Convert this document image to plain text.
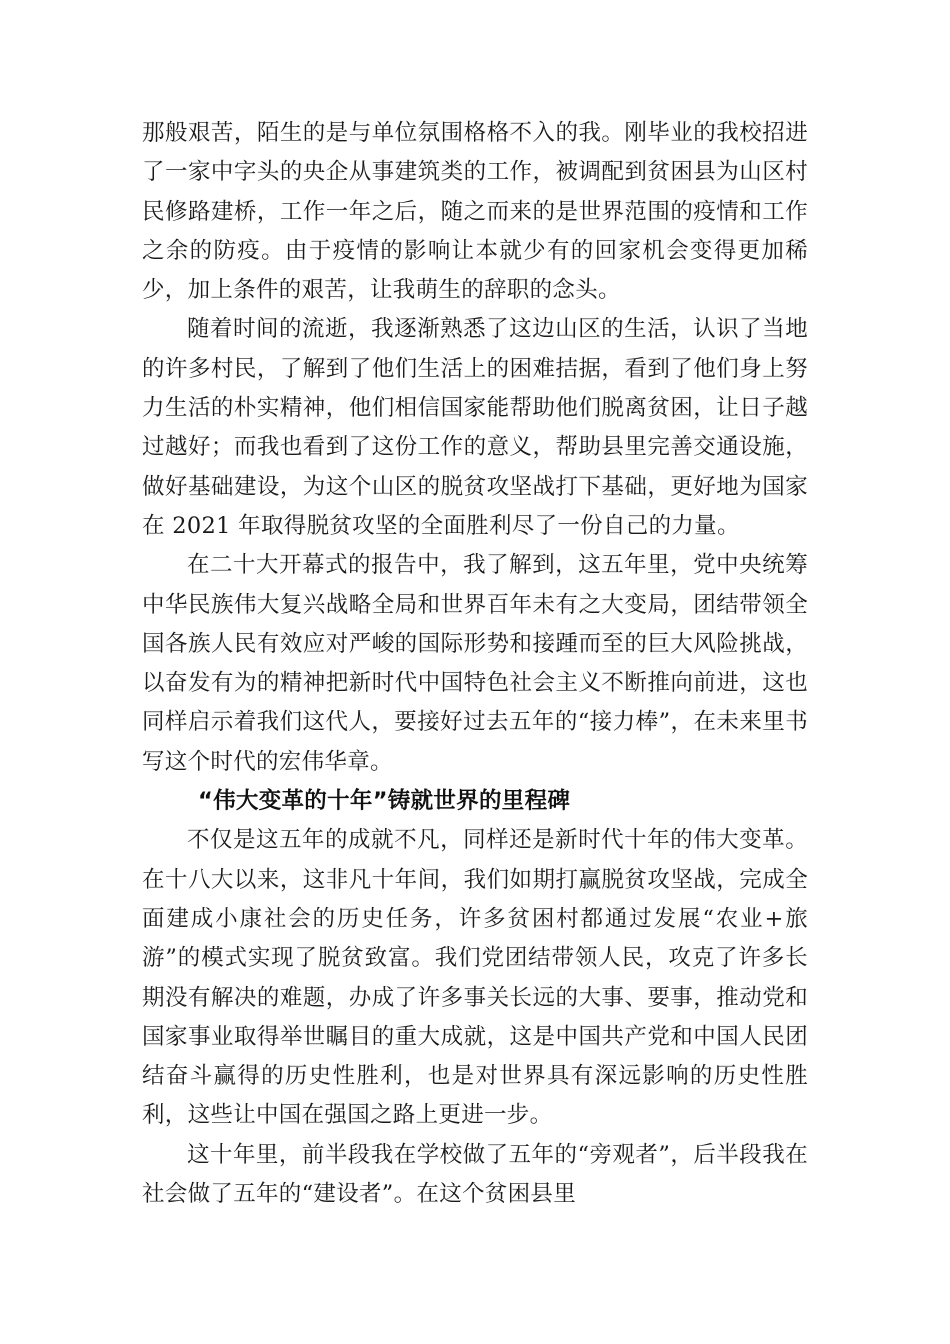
那般艰苦，陌生的是与单位氛围格格不入的我。刚毕业的我校招进了一家中字头的央企从事建筑类的工作，被调配到贫困县为山区村民修路建桥，工作一年之后，随之而来的是世界范围的疫情和工作之余的防疫。由于疫情的影响让本就少有的回家机会变得更加稀少，加上条件的艰苦，让我萌生的辞职的念头。

随着时间的流逝，我逐渐熟悉了这边山区的生活，认识了当地的许多村民，了解到了他们生活上的困难拮据，看到了他们身上努力生活的朴实精神，他们相信国家能帮助他们脱离贫困，让日子越过越好；而我也看到了这份工作的意义，帮助县里完善交通设施，做好基础建设，为这个山区的脱贫攻坚战打下基础，更好地为国家在 2021 年取得脱贫攻坚的全面胜利尽了一份自己的力量。

在二十大开幕式的报告中，我了解到，这五年里，党中央统筹中华民族伟大复兴战略全局和世界百年未有之大变局，团结带领全国各族人民有效应对严峻的国际形势和接踵而至的巨大风险挑战，以奋发有为的精神把新时代中国特色社会主义不断推向前进，这也同样启示着我们这代人，要接好过去五年的“接力棒”，在未来里书写这个时代的宏伟华章。

“伟大变革的十年”铸就世界的里程碑

不仅是这五年的成就不凡，同样还是新时代十年的伟大变革。在十八大以来，这非凡十年间，我们如期打赢脱贫攻坚战，完成全面建成小康社会的历史任务，许多贫困村都通过发展“农业+旅游”的模式实现了脱贫致富。我们党团结带领人民，攻克了许多长期没有解决的难题，办成了许多事关长远的大事、要事，推动党和国家事业取得举世瞩目的重大成就，这是中国共产党和中国人民团结奋斗赢得的历史性胜利，也是对世界具有深远影响的历史性胜利，这些让中国在强国之路上更进一步。

这十年里，前半段我在学校做了五年的“旁观者”，后半段我在社会做了五年的“建设者”。在这个贫困县里
